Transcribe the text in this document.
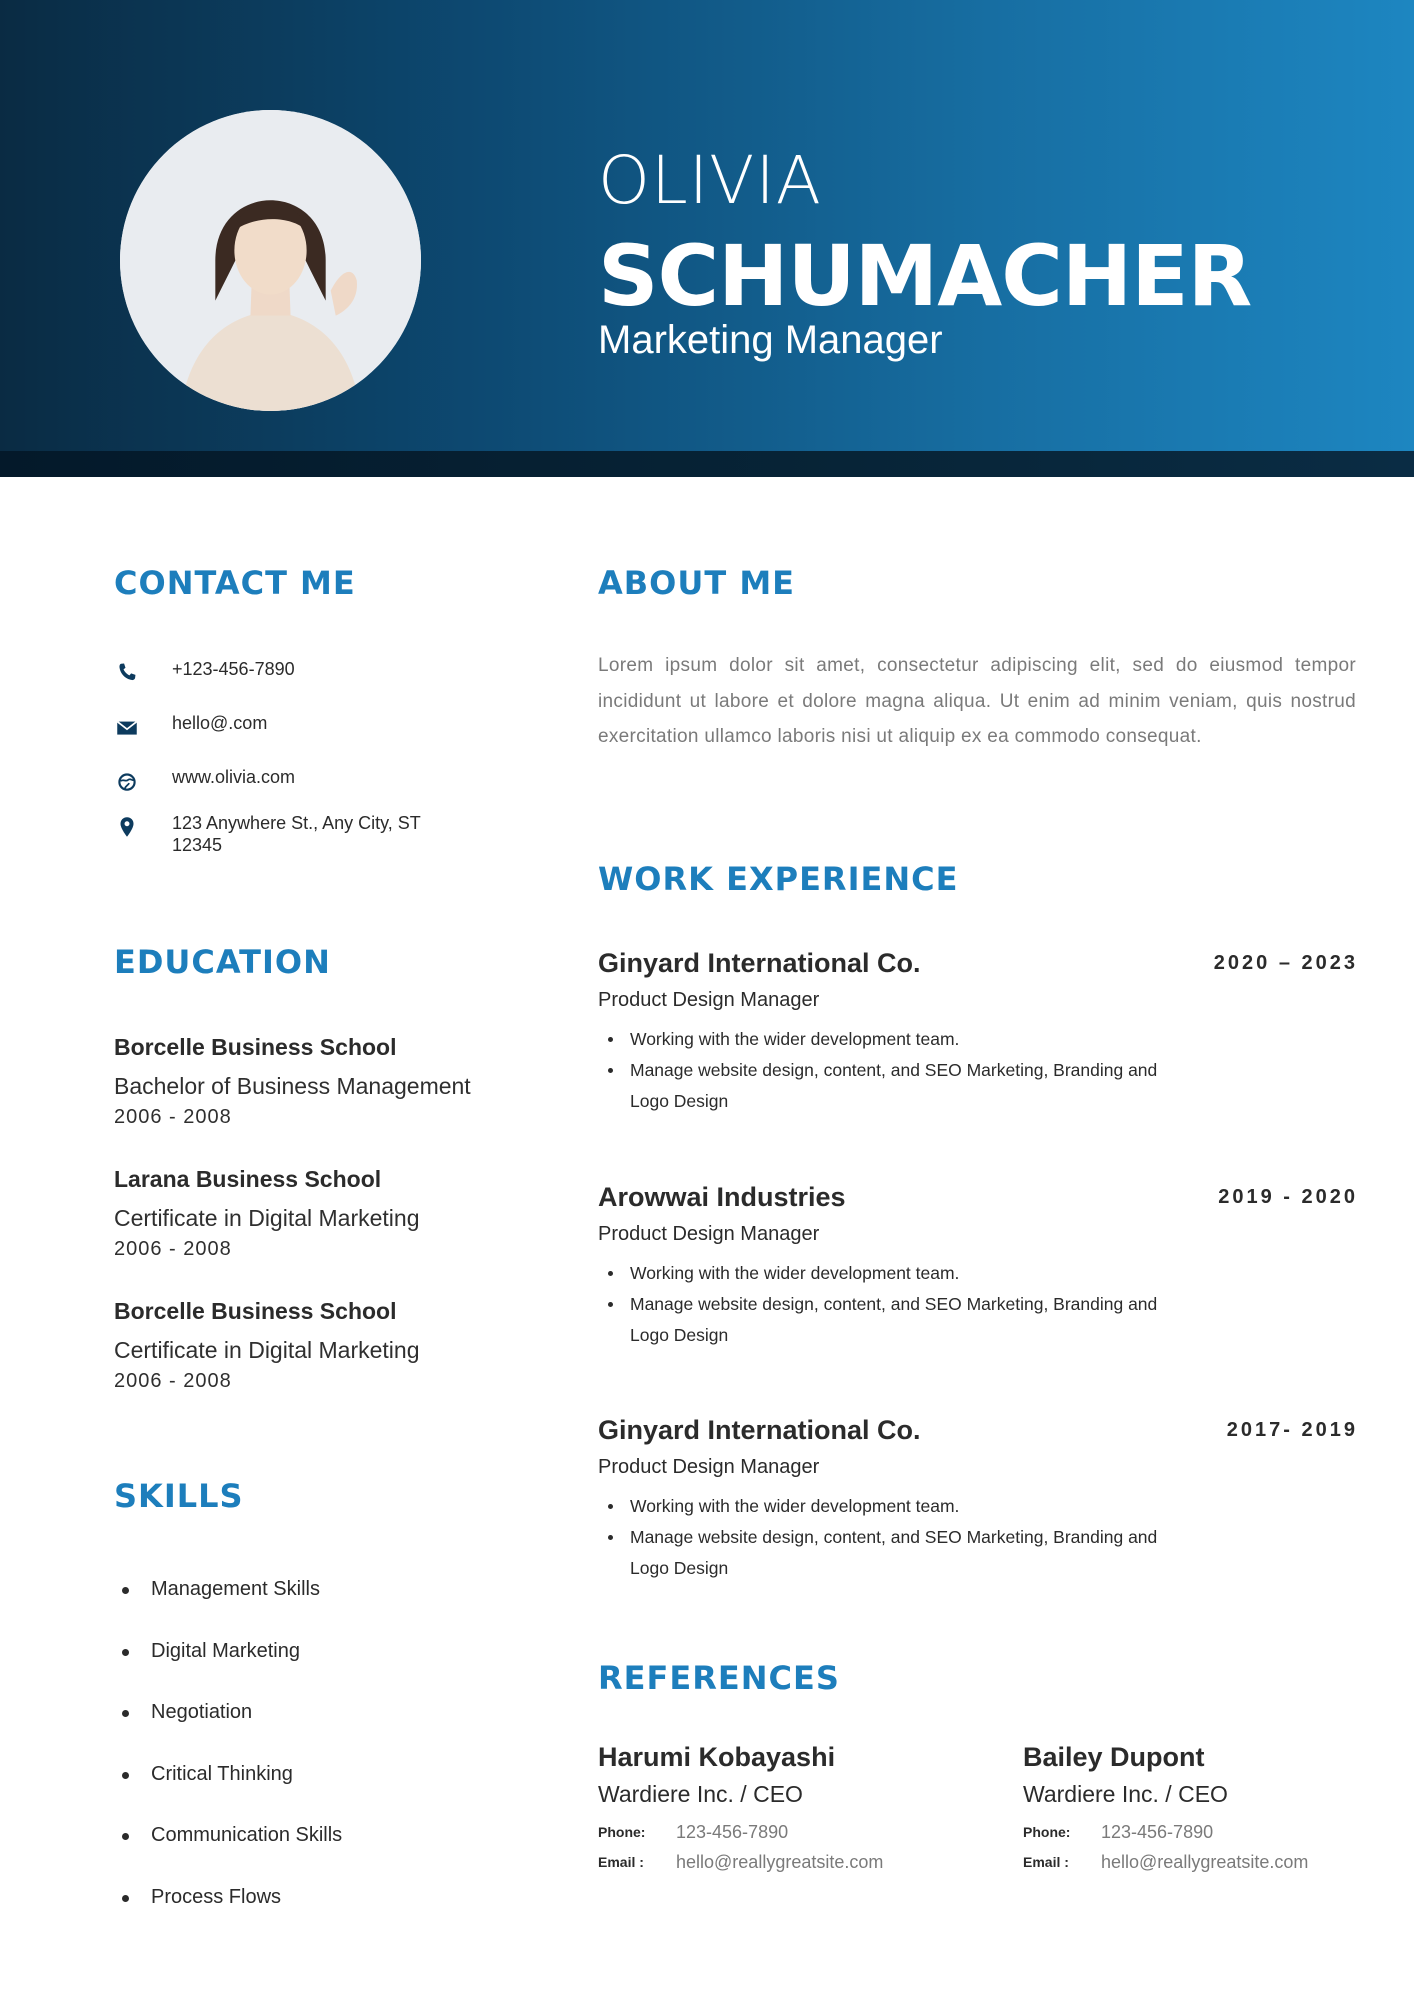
OLIVIA
SCHUMACHER
Marketing Manager
CONTACT ME
+123-456-7890
hello@.com
www.olivia.com
123 Anywhere St., Any City, ST 12345
EDUCATION
Borcelle Business School
Bachelor of Business Management
2006 - 2008
Larana Business School
Certificate in Digital Marketing
2006 - 2008
Borcelle Business School
Certificate in Digital Marketing
2006 - 2008
SKILLS
Management Skills
Digital Marketing
Negotiation
Critical Thinking
Communication Skills
Process Flows
ABOUT ME
Lorem ipsum dolor sit amet, consectetur adipiscing elit, sed do eiusmod tempor incididunt ut labore et dolore magna aliqua. Ut enim ad minim veniam, quis nostrud exercitation ullamco laboris nisi ut aliquip ex ea commodo consequat.
WORK EXPERIENCE
Ginyard International Co.	2020 – 2023
Product Design Manager
Working with the wider development team.
Manage website design, content, and SEO Marketing, Branding and Logo Design
Arowwai Industries	2019 - 2020
Product Design Manager
Working with the wider development team.
Manage website design, content, and SEO Marketing, Branding and Logo Design
Ginyard International Co.	2017- 2019
Product Design Manager
Working with the wider development team.
Manage website design, content, and SEO Marketing, Branding and Logo Design
REFERENCES
Harumi Kobayashi
Wardiere Inc. / CEO
Phone:	123-456-7890
Email :	hello@reallygreatsite.com
Bailey Dupont
Wardiere Inc. / CEO
Phone:	123-456-7890
Email :	hello@reallygreatsite.com
